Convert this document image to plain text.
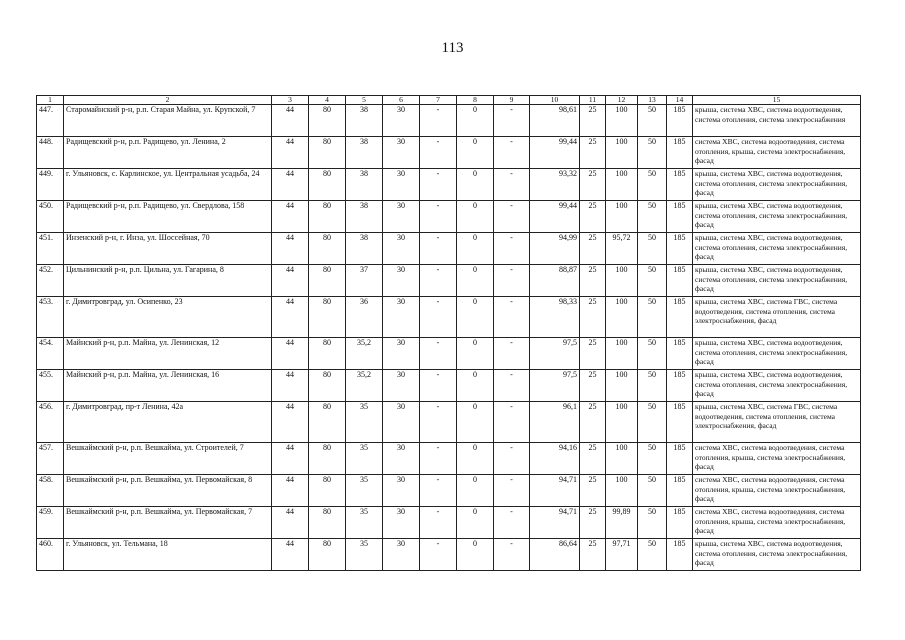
113
1	2	3	4	5	6	7	8	9	10	11	12	13	14	15
447.	Старомайнский р-н, р.п. Старая Майна, ул. Крупской, 7	44	80	38	30	-	0	-	98,61	25	100	50	185	крыша, система ХВС, система водоотведения, система отопления, система электроснабжения
448.	Радищевский р-н, р.п. Радищево, ул. Ленина, 2	44	80	38	30	-	0	-	99,44	25	100	50	185	система ХВС, система водоотведения, система отопления, крыша, система электроснабжения, фасад
449.	г. Ульяновск, с. Карлинское, ул. Центральная усадьба, 24	44	80	38	30	-	0	-	93,32	25	100	50	185	крыша, система ХВС, система водоотведения, система отопления, система электроснабжения, фасад
450.	Радищевский р-н, р.п. Радищево, ул. Свердлова, 158	44	80	38	30	-	0	-	99,44	25	100	50	185	крыша, система ХВС, система водоотведения, система отопления, система электроснабжения, фасад
451.	Инзенский р-н, г. Инза, ул. Шоссейная, 70	44	80	38	30	-	0	-	94,99	25	95,72	50	185	крыша, система ХВС, система водоотведения, система отопления, система электроснабжения, фасад
452.	Цильнинский р-н, р.п. Цильна, ул. Гагарина, 8	44	80	37	30	-	0	-	88,87	25	100	50	185	крыша, система ХВС, система водоотведения, система отопления, система электроснабжения, фасад
453.	г. Димитровград, ул. Осипенко, 23	44	80	36	30	-	0	-	98,33	25	100	50	185	крыша, система ХВС, система ГВС, система водоотведения, система отопления, система электроснабжения, фасад
454.	Майнский р-н, р.п. Майна, ул. Ленинская, 12	44	80	35,2	30	-	0	-	97,5	25	100	50	185	крыша, система ХВС, система водоотведения, система отопления, система электроснабжения, фасад
455.	Майнский р-н, р.п. Майна, ул. Ленинская, 16	44	80	35,2	30	-	0	-	97,5	25	100	50	185	крыша, система ХВС, система водоотведения, система отопления, система электроснабжения, фасад
456.	г. Димитровград, пр-т Ленина, 42а	44	80	35	30	-	0	-	96,1	25	100	50	185	крыша, система ХВС, система ГВС, система водоотведения, система отопления, система электроснабжения, фасад
457.	Вешкаймский р-н, р.п. Вешкайма, ул. Строителей, 7	44	80	35	30	-	0	-	94,16	25	100	50	185	система ХВС, система водоотведения, система отопления, крыша, система электроснабжения, фасад
458.	Вешкаймский р-н, р.п. Вешкайма, ул. Первомайская, 8	44	80	35	30	-	0	-	94,71	25	100	50	185	система ХВС, система водоотведения, система отопления, крыша, система электроснабжения, фасад
459.	Вешкаймский р-н, р.п. Вешкайма, ул. Первомайская, 7	44	80	35	30	-	0	-	94,71	25	99,89	50	185	система ХВС, система водоотведения, система отопления, крыша, система электроснабжения, фасад
460.	г. Ульяновск, ул. Тельмана, 18	44	80	35	30	-	0	-	86,64	25	97,71	50	185	крыша, система ХВС, система водоотведения, система отопления, система электроснабжения, фасад
